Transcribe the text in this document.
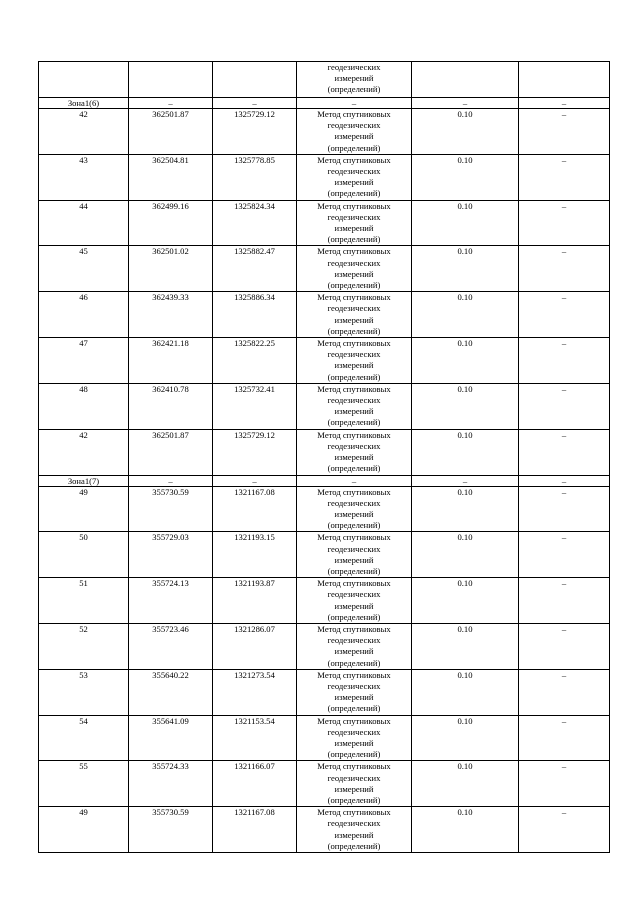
			геодезических
измерений
(определений)		

Зона1(6)	–	–	–	–	–
42	362501.87	1325729.12	Метод спутниковых
геодезических
измерений
(определений)	0.10	–
43	362504.81	1325778.85	Метод спутниковых
геодезических
измерений
(определений)	0.10	–
44	362499.16	1325824.34	Метод спутниковых
геодезических
измерений
(определений)	0.10	–
45	362501.02	1325882.47	Метод спутниковых
геодезических
измерений
(определений)	0.10	–
46	362439.33	1325886.34	Метод спутниковых
геодезических
измерений
(определений)	0.10	–
47	362421.18	1325822.25	Метод спутниковых
геодезических
измерений
(определений)	0.10	–
48	362410.78	1325732.41	Метод спутниковых
геодезических
измерений
(определений)	0.10	–
42	362501.87	1325729.12	Метод спутниковых
геодезических
измерений
(определений)	0.10	–
Зона1(7)	–	–	–	–	–
49	355730.59	1321167.08	Метод спутниковых
геодезических
измерений
(определений)	0.10	–
50	355729.03	1321193.15	Метод спутниковых
геодезических
измерений
(определений)	0.10	–
51	355724.13	1321193.87	Метод спутниковых
геодезических
измерений
(определений)	0.10	–
52	355723.46	1321286.07	Метод спутниковых
геодезических
измерений
(определений)	0.10	–
53	355640.22	1321273.54	Метод спутниковых
геодезических
измерений
(определений)	0.10	–
54	355641.09	1321153.54	Метод спутниковых
геодезических
измерений
(определений)	0.10	–
55	355724.33	1321166.07	Метод спутниковых
геодезических
измерений
(определений)	0.10	–
49	355730.59	1321167.08	Метод спутниковых
геодезических
измерений
(определений)	0.10	–
